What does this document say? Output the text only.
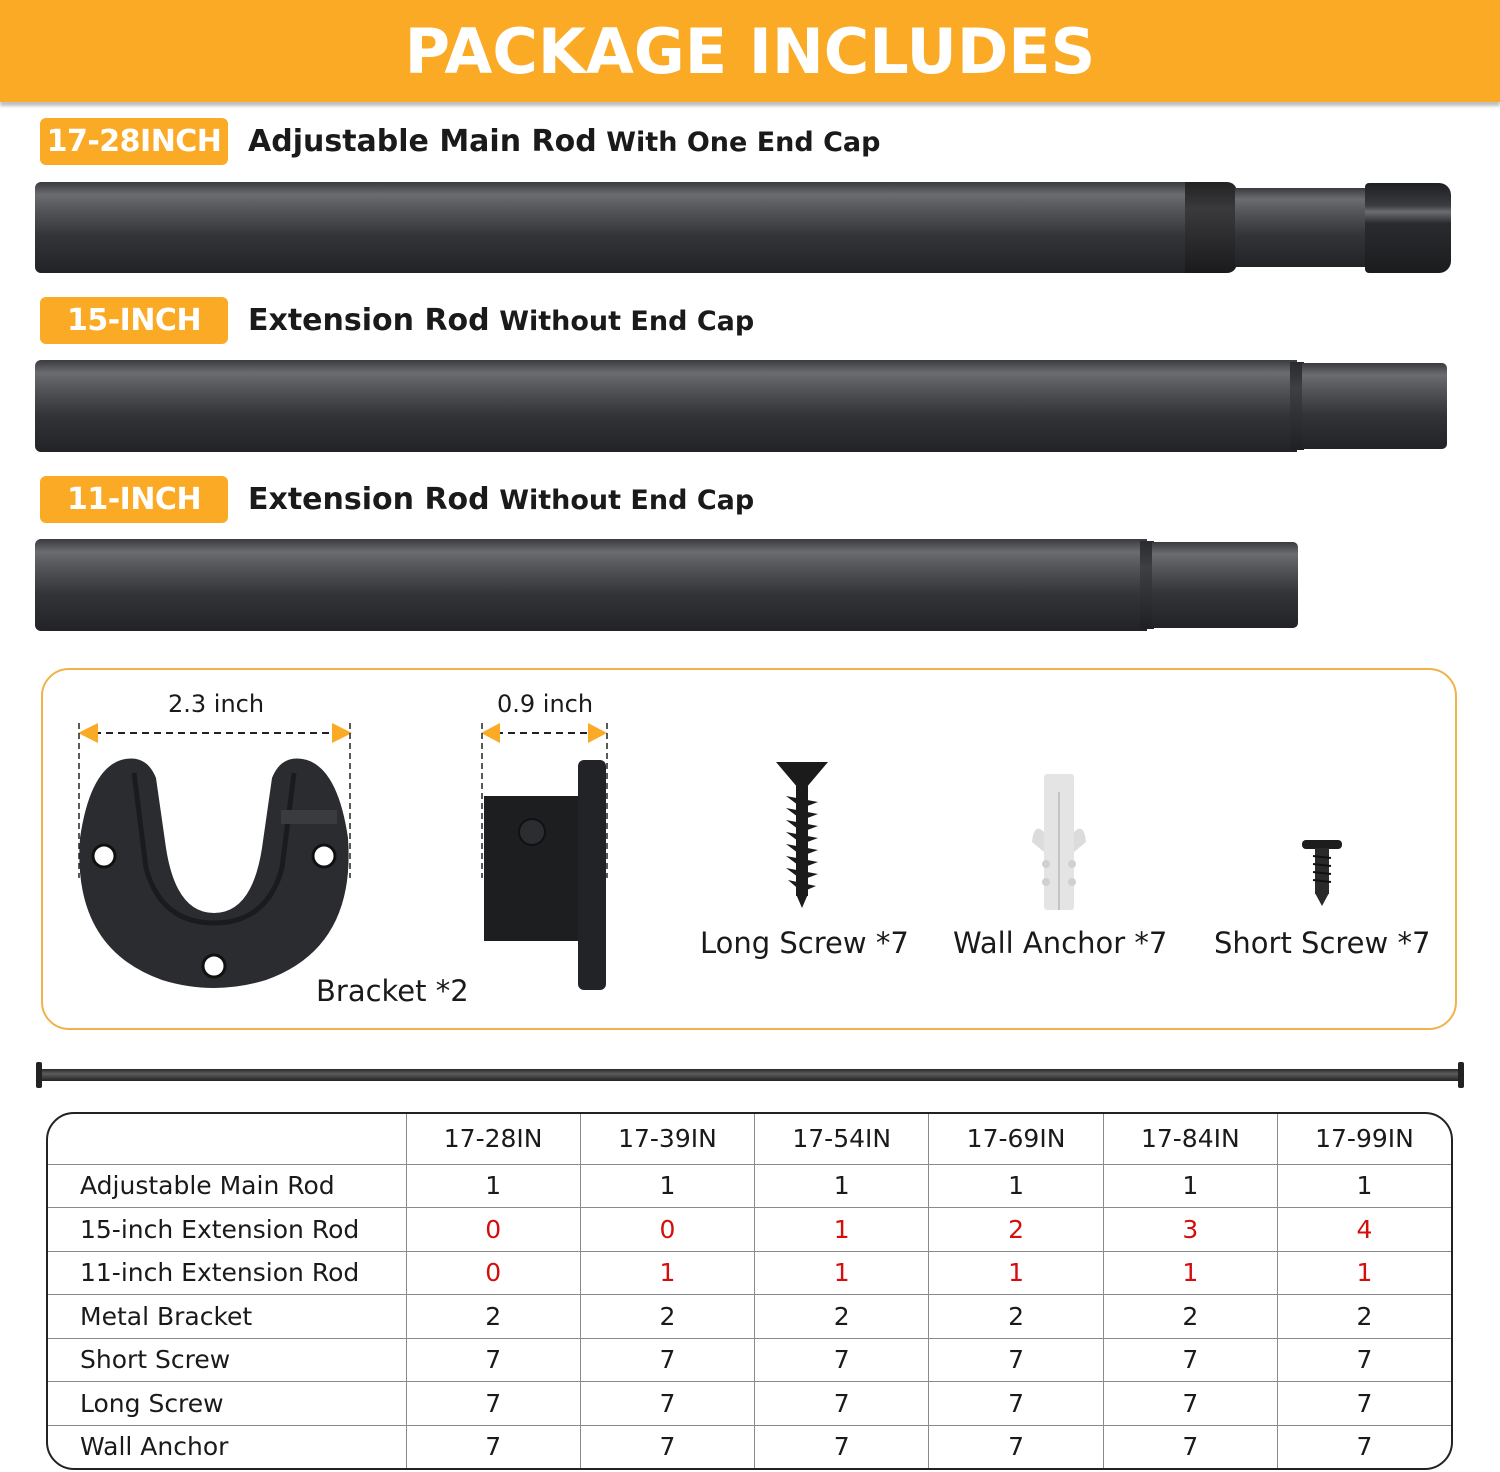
PACKAGE INCLUDES
17-28INCH Adjustable Main Rod With One End Cap
15-INCH	Extension Rod Without End Cap
11-INCH	Extension Rod Without End Cap
2.3 inch
Bracket *2
0.9 inch
Long Screw *7 Wall Anchor *7 Short Screw *7
	17-28IN	17-39IN	17-54IN	17-69IN	17-84IN	17-99IN
Adjustable Main Rod	1	1	1	1	1	1
15-inch Extension Rod	0	0	1	2	3	4
11-inch Extension Rod	0	1	1	1	1	1
Metal Bracket	2	2	2	2	2	2
Short Screw	7	7	7	7	7	7
Long Screw	7	7	7	7	7	7
Wall Anchor	7	7	7	7	7	7
